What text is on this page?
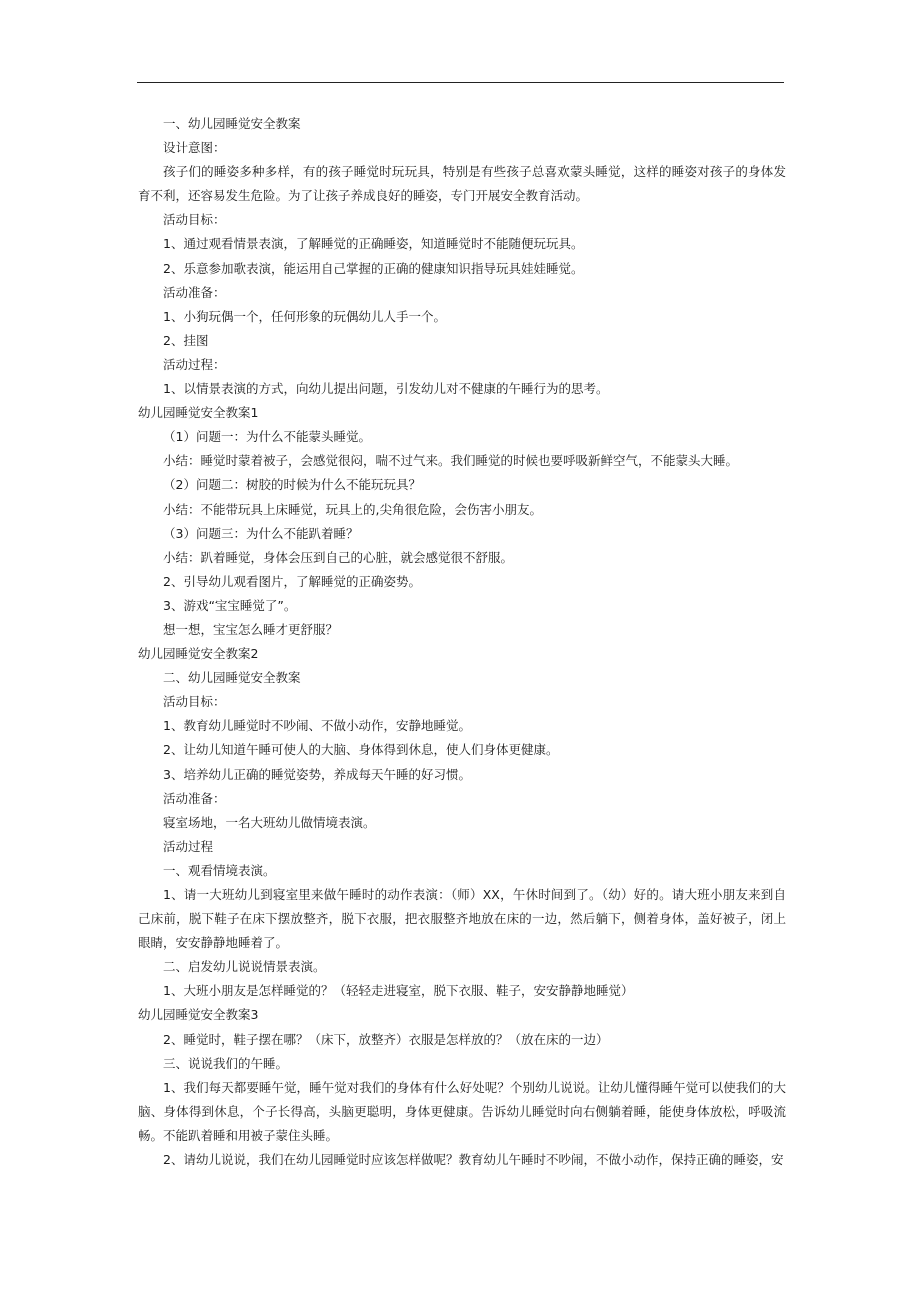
一、幼儿园睡觉安全教案

设计意图：

孩子们的睡姿多种多样，有的孩子睡觉时玩玩具，特别是有些孩子总喜欢蒙头睡觉，这样的睡姿对孩子的身体发育不利，还容易发生危险。为了让孩子养成良好的睡姿，专门开展安全教育活动。

活动目标：

1、通过观看情景表演，了解睡觉的正确睡姿，知道睡觉时不能随便玩玩具。

2、乐意参加歌表演，能运用自己掌握的正确的健康知识指导玩具娃娃睡觉。

活动准备：

1、小狗玩偶一个，任何形象的玩偶幼儿人手一个。

2、挂图

活动过程：

1、以情景表演的方式，向幼儿提出问题，引发幼儿对不健康的午睡行为的思考。

幼儿园睡觉安全教案1

（1）问题一：为什么不能蒙头睡觉。

小结：睡觉时蒙着被子，会感觉很闷，喘不过气来。我们睡觉的时候也要呼吸新鲜空气，不能蒙头大睡。

（2）问题二：树胶的时候为什么不能玩玩具？

小结：不能带玩具上床睡觉，玩具上的,尖角很危险，会伤害小朋友。

（3）问题三：为什么不能趴着睡？

小结：趴着睡觉，身体会压到自己的心脏，就会感觉很不舒服。

2、引导幼儿观看图片，了解睡觉的正确姿势。

3、游戏“宝宝睡觉了”。

想一想，宝宝怎么睡才更舒服？

幼儿园睡觉安全教案2

二、幼儿园睡觉安全教案

活动目标：

1、教育幼儿睡觉时不吵闹、不做小动作，安静地睡觉。

2、让幼儿知道午睡可使人的大脑、身体得到休息，使人们身体更健康。

3、培养幼儿正确的睡觉姿势，养成每天午睡的好习惯。

活动准备：

寝室场地，一名大班幼儿做情境表演。

活动过程

一、观看情境表演。

1、请一大班幼儿到寝室里来做午睡时的动作表演：（师）XX，午休时间到了。（幼）好的。请大班小朋友来到自己床前，脱下鞋子在床下摆放整齐，脱下衣服，把衣服整齐地放在床的一边，然后躺下，侧着身体，盖好被子，闭上眼睛，安安静静地睡着了。

二、启发幼儿说说情景表演。

1、大班小朋友是怎样睡觉的？（轻轻走进寝室，脱下衣服、鞋子，安安静静地睡觉）

幼儿园睡觉安全教案3

2、睡觉时，鞋子摆在哪？（床下，放整齐）衣服是怎样放的？（放在床的一边）

三、说说我们的午睡。

1、我们每天都要睡午觉，睡午觉对我们的身体有什么好处呢？个别幼儿说说。让幼儿懂得睡午觉可以使我们的大脑、身体得到休息，个子长得高，头脑更聪明，身体更健康。告诉幼儿睡觉时向右侧躺着睡，能使身体放松，呼吸流畅。不能趴着睡和用被子蒙住头睡。

2、请幼儿说说，我们在幼儿园睡觉时应该怎样做呢？教育幼儿午睡时不吵闹，不做小动作，保持正确的睡姿，安
